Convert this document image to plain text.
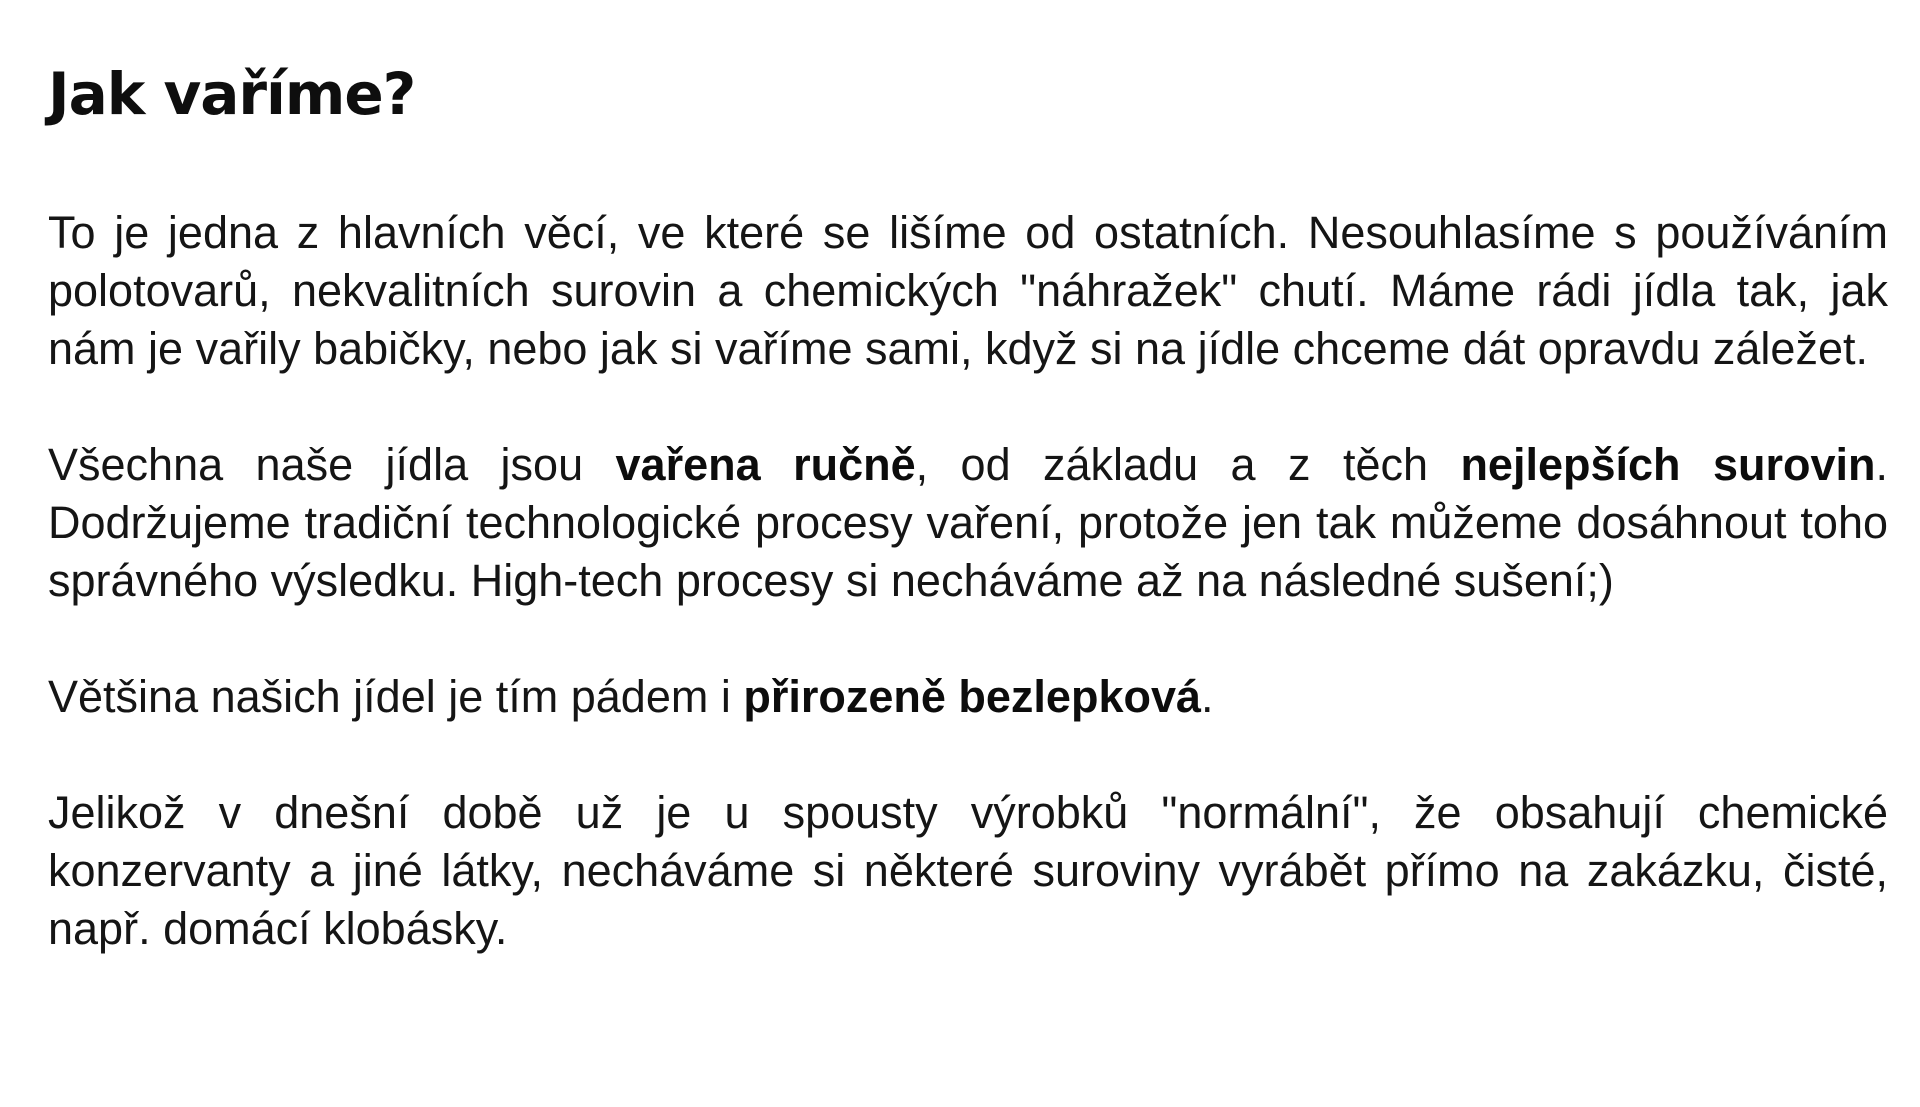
Jak vaříme?

To je jedna z hlavních věcí, ve které se lišíme od ostatních. Nesouhlasíme s používáním polotovarů, nekvalitních surovin a chemických "náhražek" chutí. Máme rádi jídla tak, jak nám je vařily babičky, nebo jak si vaříme sami, když si na jídle chceme dát opravdu záležet.

Všechna naše jídla jsou vařena ručně, od základu a z těch nejlepších surovin. Dodržujeme tradiční technologické procesy vaření, protože jen tak můžeme dosáhnout toho správného výsledku. High-tech procesy si necháváme až na následné sušení;)

Většina našich jídel je tím pádem i přirozeně bezlepková.

Jelikož v dnešní době už je u spousty výrobků "normální", že obsahují chemické konzervanty a jiné látky, necháváme si některé suroviny vyrábět přímo na zakázku, čisté, např. domácí klobásky.
